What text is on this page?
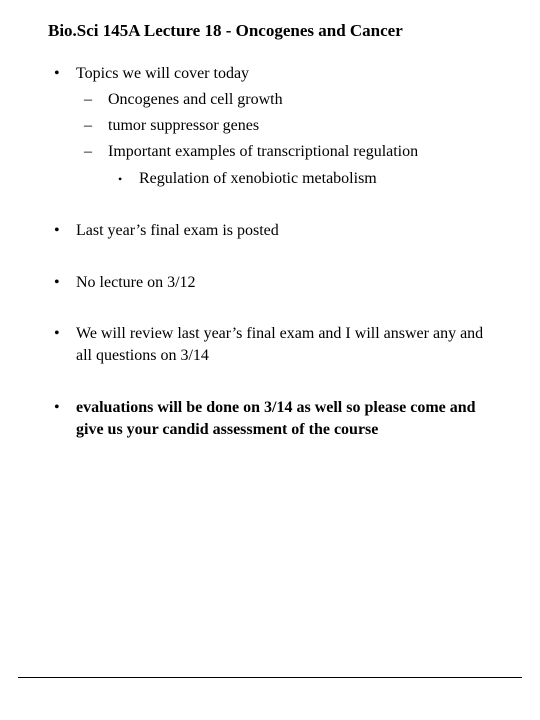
Bio.Sci 145A Lecture 18 - Oncogenes and Cancer
• Topics we will cover today
– Oncogenes and cell growth
– tumor suppressor genes
– Important examples of transcriptional regulation
• Regulation of xenobiotic metabolism
• Last year’s final exam is posted
• No lecture on 3/12
• We will review last year’s final exam and I will answer any and all questions on 3/14
• evaluations will be done on 3/14 as well so please come and give us your candid assessment of the course
